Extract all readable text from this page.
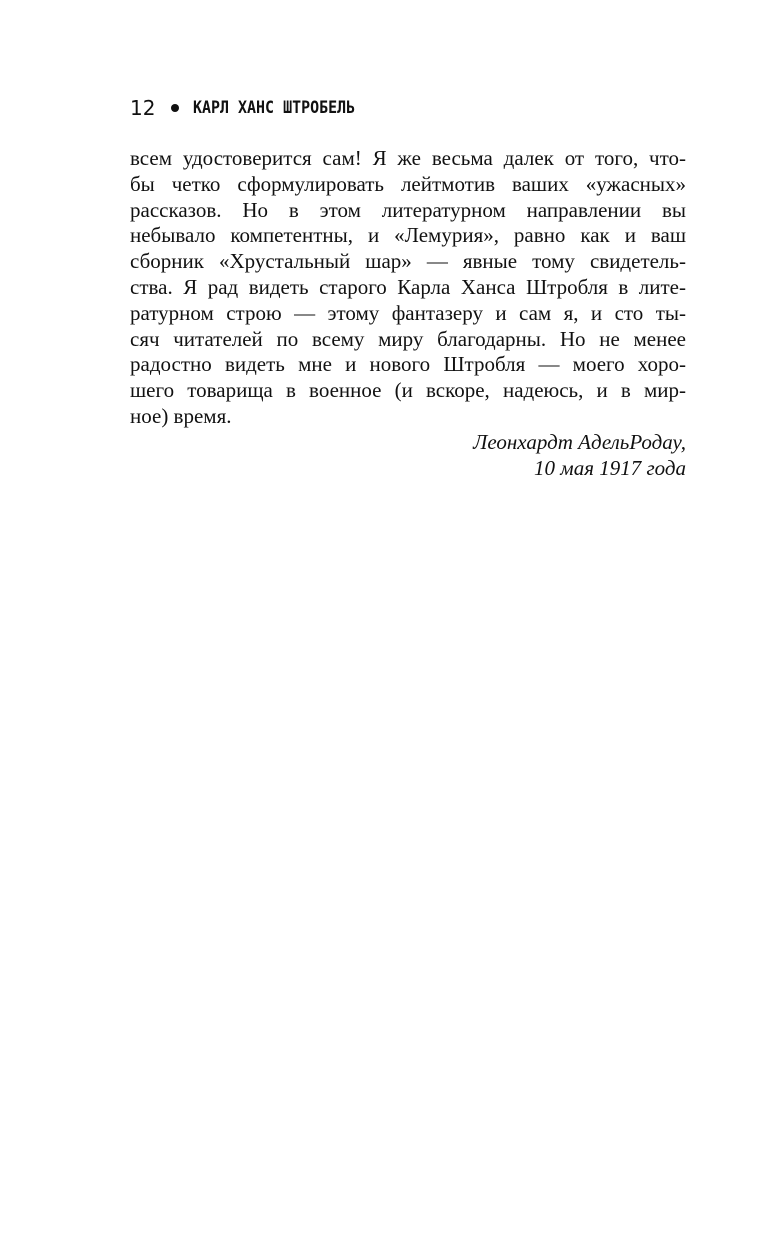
12 КАРЛ ХАНС ШТРОБЕЛЬ
всем удостоверится сам! Я же весьма далек от того, что-
бы четко сформулировать лейтмотив ваших «ужасных»
рассказов. Но в этом литературном направлении вы
небывало компетентны, и «Лемурия», равно как и ваш
сборник «Хрустальный шар» — явные тому свидетель-
ства. Я рад видеть старого Карла Ханса Штробля в лите-
ратурном строю — этому фантазеру и сам я, и сто ты-
сяч читателей по всему миру благодарны. Но не менее
радостно видеть мне и нового Штробля — моего хоро-
шего товарища в военное (и вскоре, надеюсь, и в мир-
ное) время.
Леонхардт АдельРодау,
10 мая 1917 года
